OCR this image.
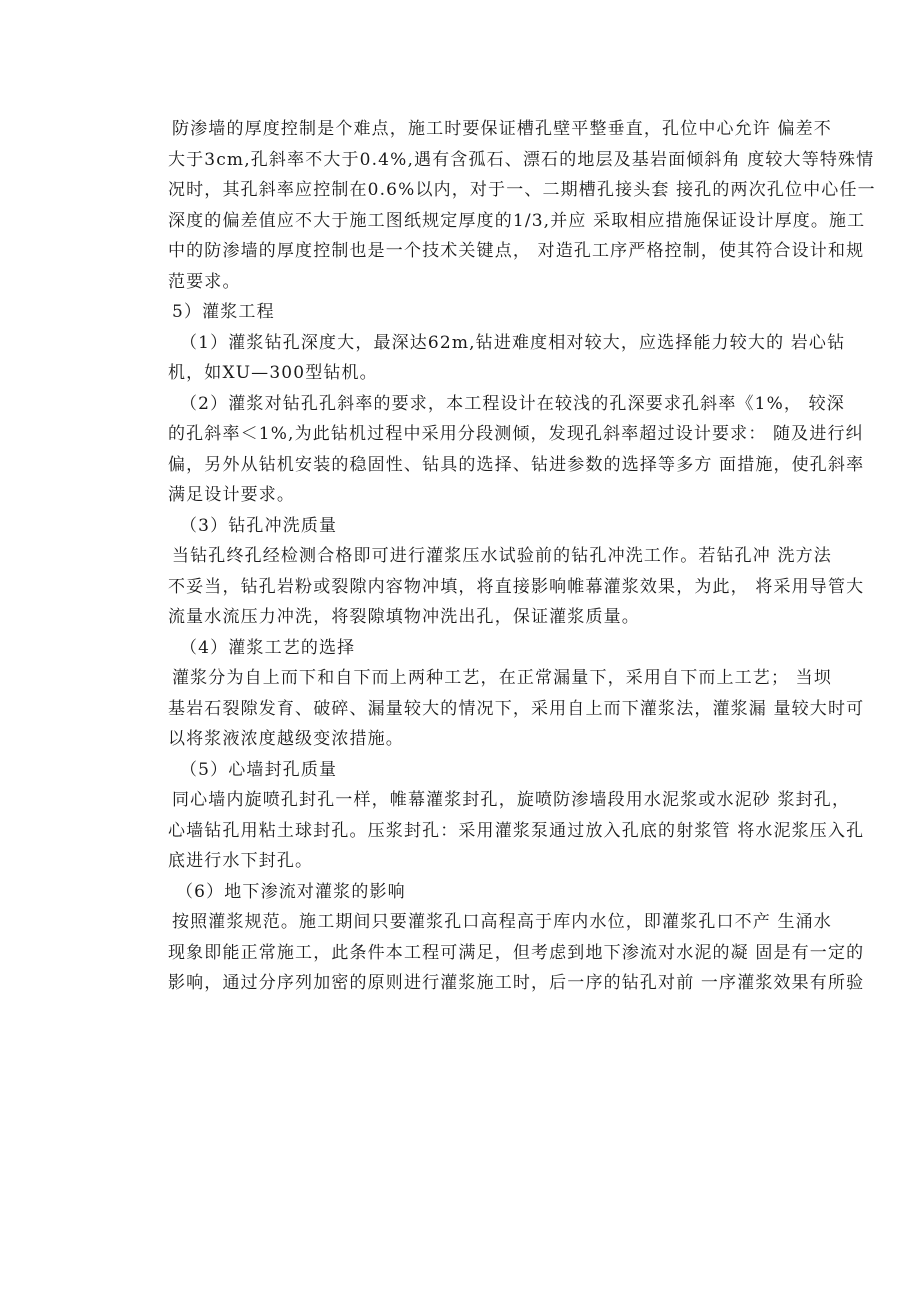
防渗墙的厚度控制是个难点，施工时要保证槽孔壁平整垂直，孔位中心允许 偏差不
大于3cm,孔斜率不大于0.4%,遇有含孤石、漂石的地层及基岩面倾斜角 度较大等特殊情
况时，其孔斜率应控制在0.6%以内，对于一、二期槽孔接头套 接孔的两次孔位中心任一
深度的偏差值应不大于施工图纸规定厚度的1/3,并应 采取相应措施保证设计厚度。施工
中的防渗墙的厚度控制也是一个技术关键点， 对造孔工序严格控制，使其符合设计和规
范要求。
5）灌浆工程
（1）灌浆钻孔深度大，最深达62m,钻进难度相对较大，应选择能力较大的 岩心钻
机，如XU—300型钻机。
（2）灌浆对钻孔孔斜率的要求，本工程设计在较浅的孔深要求孔斜率《1%， 较深
的孔斜率＜1%,为此钻机过程中采用分段测倾，发现孔斜率超过设计要求： 随及进行纠
偏，另外从钻机安装的稳固性、钻具的选择、钻进参数的选择等多方 面措施，使孔斜率
满足设计要求。
（3）钻孔冲洗质量
当钻孔终孔经检测合格即可进行灌浆压水试验前的钻孔冲洗工作。若钻孔冲 洗方法
不妥当，钻孔岩粉或裂隙内容物冲填，将直接影响帷幕灌浆效果，为此， 将采用导管大
流量水流压力冲洗，将裂隙填物冲洗出孔，保证灌浆质量。
（4）灌浆工艺的选择
灌浆分为自上而下和自下而上两种工艺，在正常漏量下，采用自下而上工艺； 当坝
基岩石裂隙发育、破碎、漏量较大的情况下，采用自上而下灌浆法，灌浆漏 量较大时可
以将浆液浓度越级变浓措施。
（5）心墙封孔质量
同心墙内旋喷孔封孔一样，帷幕灌浆封孔，旋喷防渗墙段用水泥浆或水泥砂 浆封孔，
心墙钻孔用粘土球封孔。压浆封孔：采用灌浆泵通过放入孔底的射浆管 将水泥浆压入孔
底进行水下封孔。
（6）地下渗流对灌浆的影响
按照灌浆规范。施工期间只要灌浆孔口高程高于库内水位，即灌浆孔口不产 生涌水
现象即能正常施工，此条件本工程可满足，但考虑到地下渗流对水泥的凝 固是有一定的
影响，通过分序列加密的原则进行灌浆施工时，后一序的钻孔对前 一序灌浆效果有所验
